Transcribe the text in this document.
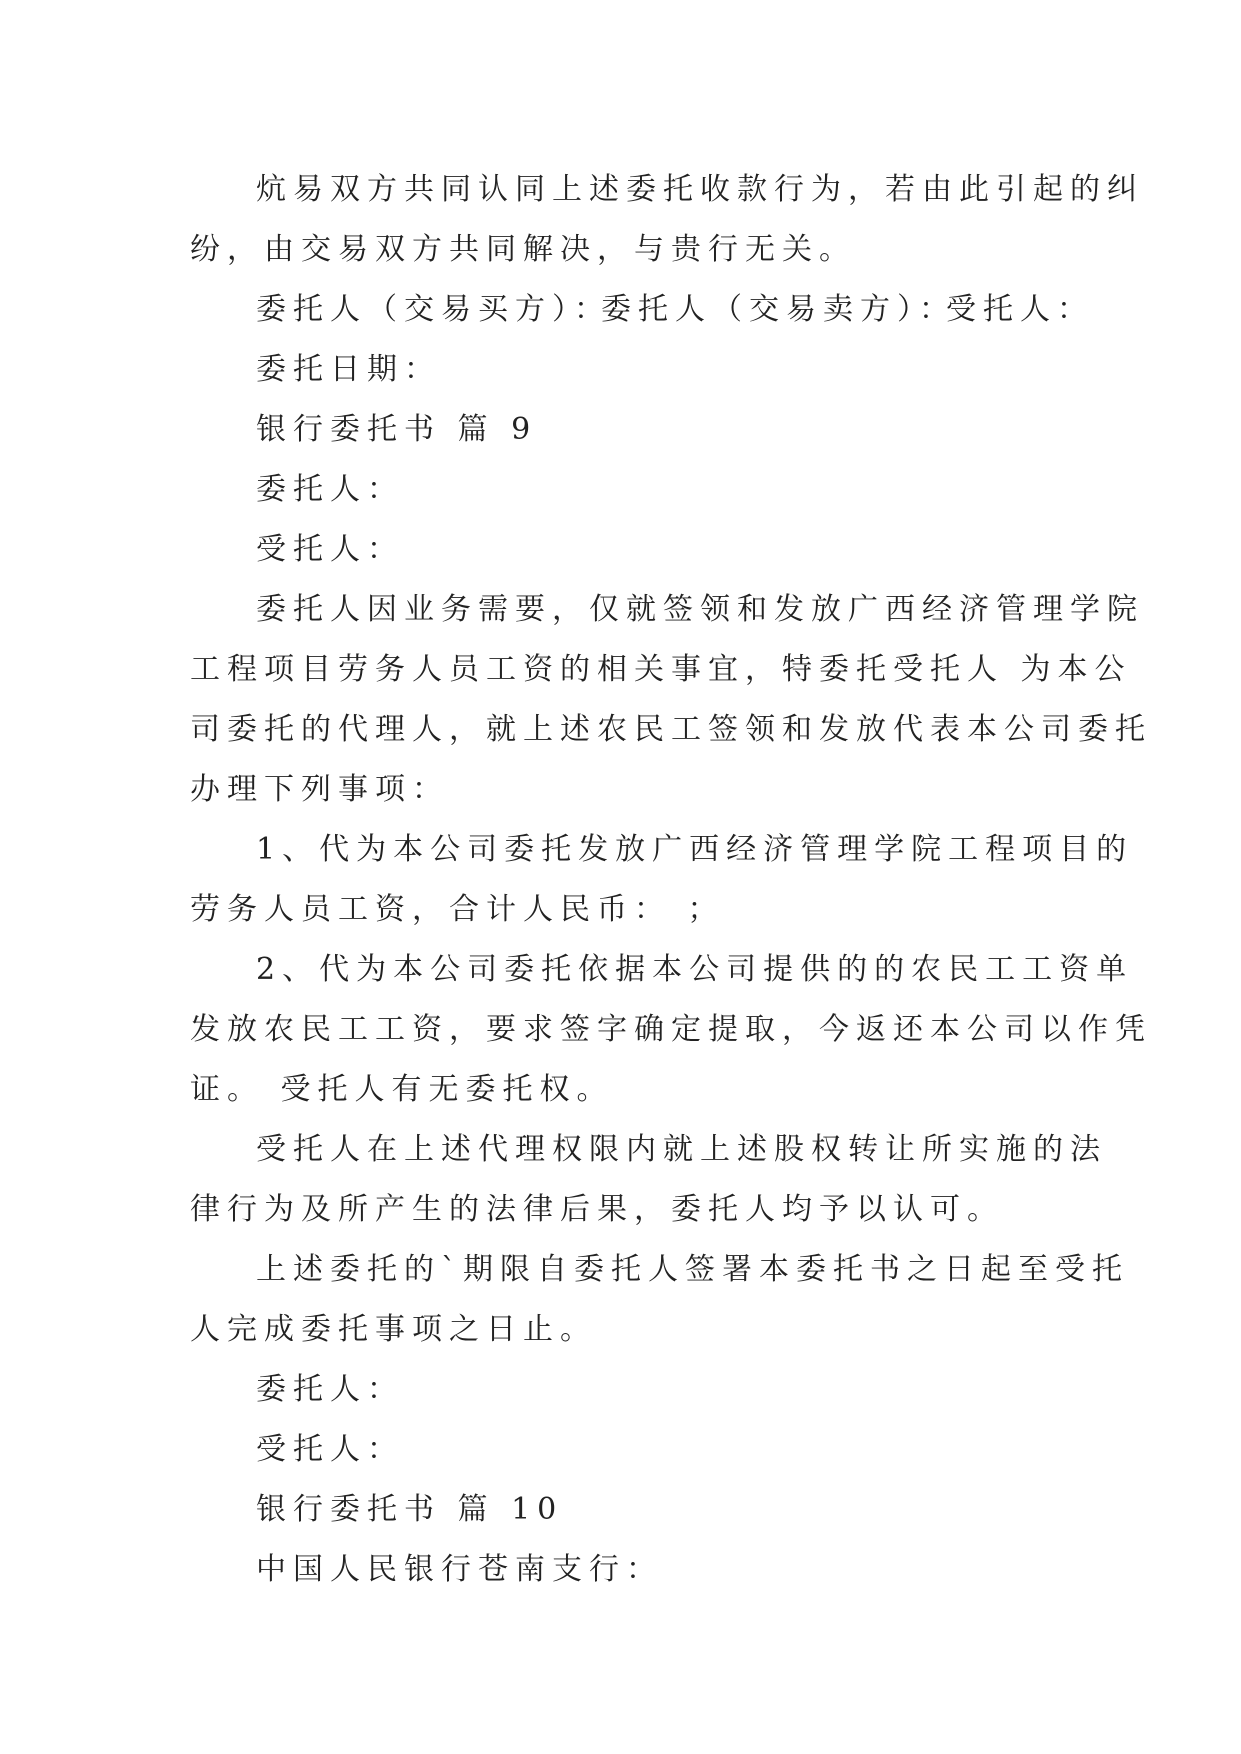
炕易双方共同认同上述委托收款行为，若由此引起的纠
纷，由交易双方共同解决，与贵行无关。
委托人（交易买方）：委托人（交易卖方）：受托人：
委托日期：
银行委托书 篇 9
委托人：
受托人：
委托人因业务需要，仅就签领和发放广西经济管理学院
工程项目劳务人员工资的相关事宜，特委托受托人 为本公
司委托的代理人，就上述农民工签领和发放代表本公司委托
办理下列事项：
1、代为本公司委托发放广西经济管理学院工程项目的
劳务人员工资，合计人民币： ；
2、代为本公司委托依据本公司提供的的农民工工资单
发放农民工工资，要求签字确定提取，今返还本公司以作凭
证。 受托人有无委托权。
受托人在上述代理权限内就上述股权转让所实施的法
律行为及所产生的法律后果，委托人均予以认可。
上述委托的`期限自委托人签署本委托书之日起至受托
人完成委托事项之日止。
委托人：
受托人：
银行委托书 篇 10
中国人民银行苍南支行：
